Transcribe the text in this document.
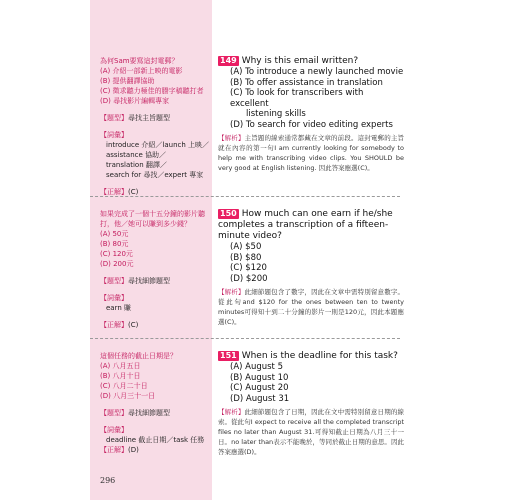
為何Sam要寫這封電郵？
(A) 介紹一部新上映的電影
(B) 提供翻譯協助
(C) 徵求聽力極佳的謄字稿聽打者
(D) 尋找影片編輯專家
【題型】尋找主旨題型
【詞彙】
introduce 介紹／launch 上映／
assistance 協助／
translation 翻譯／
search for 尋找／expert 專家
【正解】(C)
149 Why is this email written?
(A) To introduce a newly launched movie
(B) To offer assistance in translation
(C) To look for transcribers with excellent
listening skills
(D) To search for video editing experts
【解析】主旨題的線索通常都藏在文章的前段。這封電郵的主旨就在內容的第一句I am currently looking for somebody to help me with transcribing video clips. You SHOULD be very good at English listening. 因此答案應選(C)。
如果完成了一個十五分鐘的影片聽打，他／她可以賺到多少錢？
(A) 50元
(B) 80元
(C) 120元
(D) 200元
【題型】尋找細節題型
【詞彙】
earn 賺
【正解】(C)
150 How much can one earn if he/she completes a transcription of a fifteen-minute video?
(A) $50
(B) $80
(C) $120
(D) $200
【解析】此細節題包含了數字，因此在文章中需特別留意數字。從此句and $120 for the ones between ten to twenty minutes可得知十到二十分鐘的影片一則是120元，因此本題應選(C)。
這個任務的截止日期是？
(A) 八月五日
(B) 八月十日
(C) 八月二十日
(D) 八月三十一日
【題型】尋找細節題型
【詞彙】
deadline 截止日期／task 任務
【正解】(D)
151 When is the deadline for this task?
(A) August 5
(B) August 10
(C) August 20
(D) August 31
【解析】此細節題包含了日期，因此在文中需特別留意日期的線索。從此句I expect to receive all the completed transcript files no later than August 31.可得知截止日期為八月三十一日。no later than表示不能晚於，等同於截止日期的意思。因此答案應選(D)。
296
